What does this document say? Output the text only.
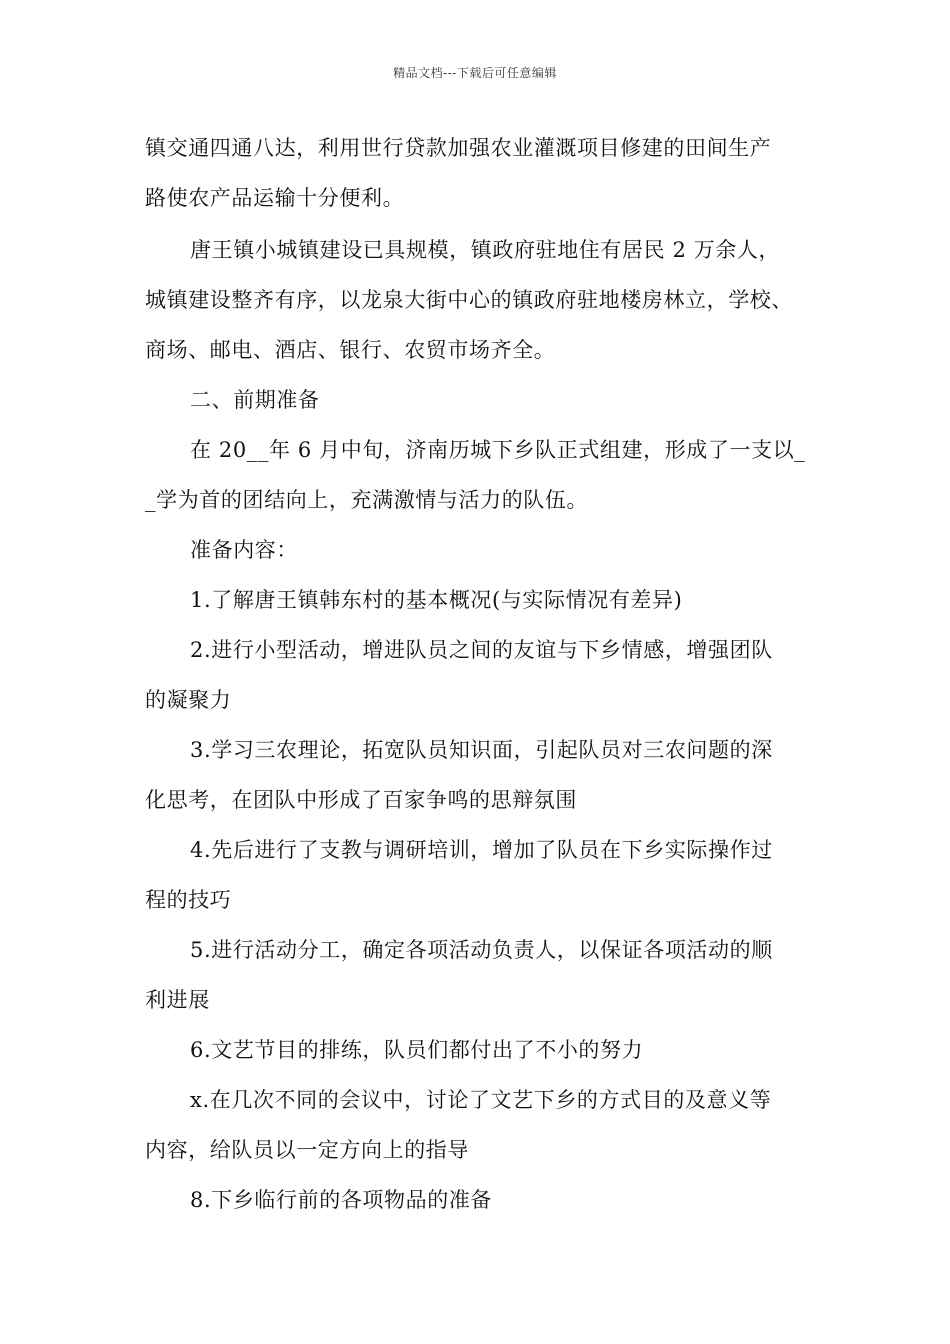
精品文档---下载后可任意编辑
镇交通四通八达，利用世行贷款加强农业灌溉项目修建的田间生产
路使农产品运输十分便利。
唐王镇小城镇建设已具规模，镇政府驻地住有居民 2 万余人，
城镇建设整齐有序，以龙泉大街中心的镇政府驻地楼房林立，学校、
商场、邮电、酒店、银行、农贸市场齐全。
二、前期准备
在 20__年 6 月中旬，济南历城下乡队正式组建，形成了一支以_
_学为首的团结向上，充满激情与活力的队伍。
准备内容：
1.了解唐王镇韩东村的基本概况(与实际情况有差异)
2.进行小型活动，增进队员之间的友谊与下乡情感，增强团队
的凝聚力
3.学习三农理论，拓宽队员知识面，引起队员对三农问题的深
化思考，在团队中形成了百家争鸣的思辩氛围
4.先后进行了支教与调研培训，增加了队员在下乡实际操作过
程的技巧
5.进行活动分工，确定各项活动负责人，以保证各项活动的顺
利进展
6.文艺节目的排练，队员们都付出了不小的努力
x.在几次不同的会议中，讨论了文艺下乡的方式目的及意义等
内容，给队员以一定方向上的指导
8.下乡临行前的各项物品的准备
